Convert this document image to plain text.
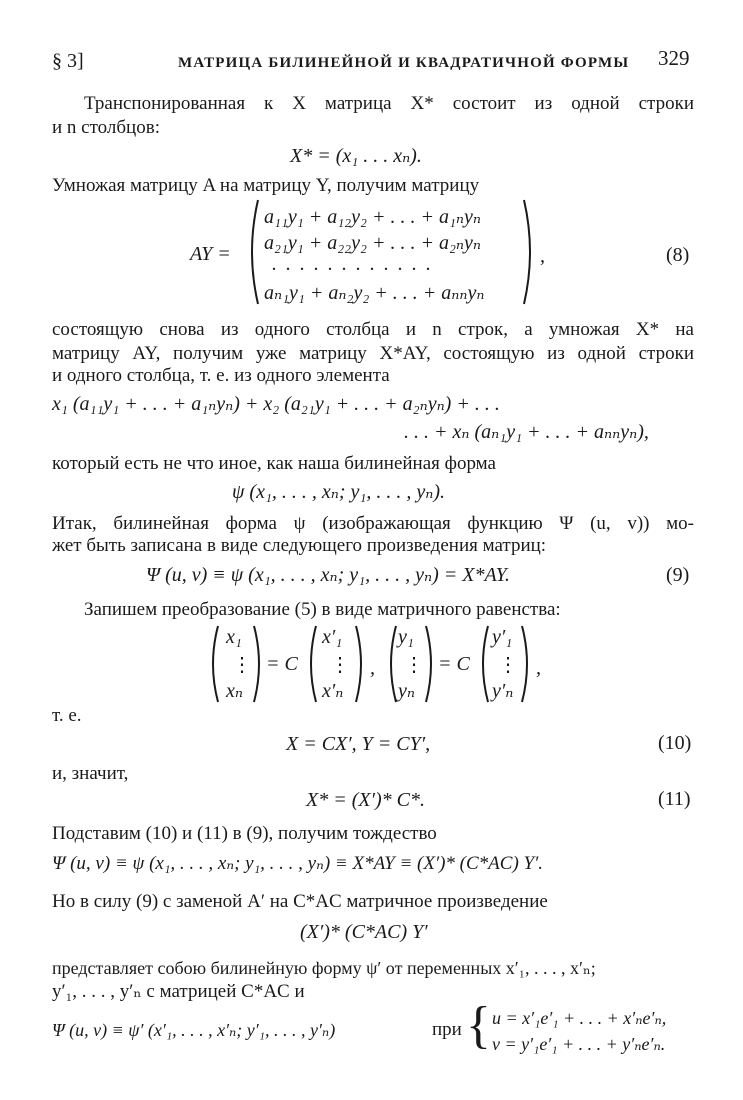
§ 3]	МАТРИЦА БИЛИНЕЙНОЙ И КВАДРАТИЧНОЙ ФОРМЫ 329
Транспонированная к X матрица X* состоит из одной строки
и n столбцов:
X* = (x₁ . . . xₙ).
Умножая матрицу A на матрицу Y, получим матрицу
AY =
a₁₁y₁ + a₁₂y₂ + . . . + a₁ₙyₙ
a₂₁y₁ + a₂₂y₂ + . . . + a₂ₙyₙ
. . . . . . . . . . . .
aₙ₁y₁ + aₙ₂y₂ + . . . + aₙₙyₙ
,	(8)
состоящую снова из одного столбца и n строк, а умножая X* на
матрицу AY, получим уже матрицу X*AY, состоящую из одной строки
и одного столбца, т. е. из одного элемента
x₁ (a₁₁y₁ + . . . + a₁ₙyₙ) + x₂ (a₂₁y₁ + . . . + a₂ₙyₙ) + . . .
. . . + xₙ (aₙ₁y₁ + . . . + aₙₙyₙ),
который есть не что иное, как наша билинейная форма
ψ (x₁, . . . , xₙ; y₁, . . . , yₙ).
Итак, билинейная форма ψ (изображающая функцию Ψ (u, v)) мо-
жет быть записана в виде следующего произведения матриц:
Ψ (u, v) ≡ ψ (x₁, . . . , xₙ; y₁, . . . , yₙ) = X*AY.	(9)
Запишем преобразование (5) в виде матричного равенства:
x₁
⋮
xₙ
= C
x′₁
⋮
x′ₙ
,
y₁
⋮
yₙ
= C
y′₁
⋮
y′ₙ
,
т. е.
X = CX′, Y = CY′,	(10)
и, значит,
X* = (X′)* C*.	(11)
Подставим (10) и (11) в (9), получим тождество
Ψ (u, v) ≡ ψ (x₁, . . . , xₙ; y₁, . . . , yₙ) ≡ X*AY ≡ (X′)* (C*AC) Y′.
Но в силу (9) с заменой A′ на C*AC матричное произведение
(X′)* (C*AC) Y′
представляет собою билинейную форму ψ′ от переменных x′₁, . . . , x′ₙ;
y′₁, . . . , y′ₙ с матрицей C*AC и
Ψ (u, v) ≡ ψ′ (x′₁, . . . , x′ₙ; y′₁, . . . , y′ₙ)	при { u = x′₁e′₁ + . . . + x′ₙe′ₙ,
v = y′₁e′₁ + . . . + y′ₙe′ₙ.
